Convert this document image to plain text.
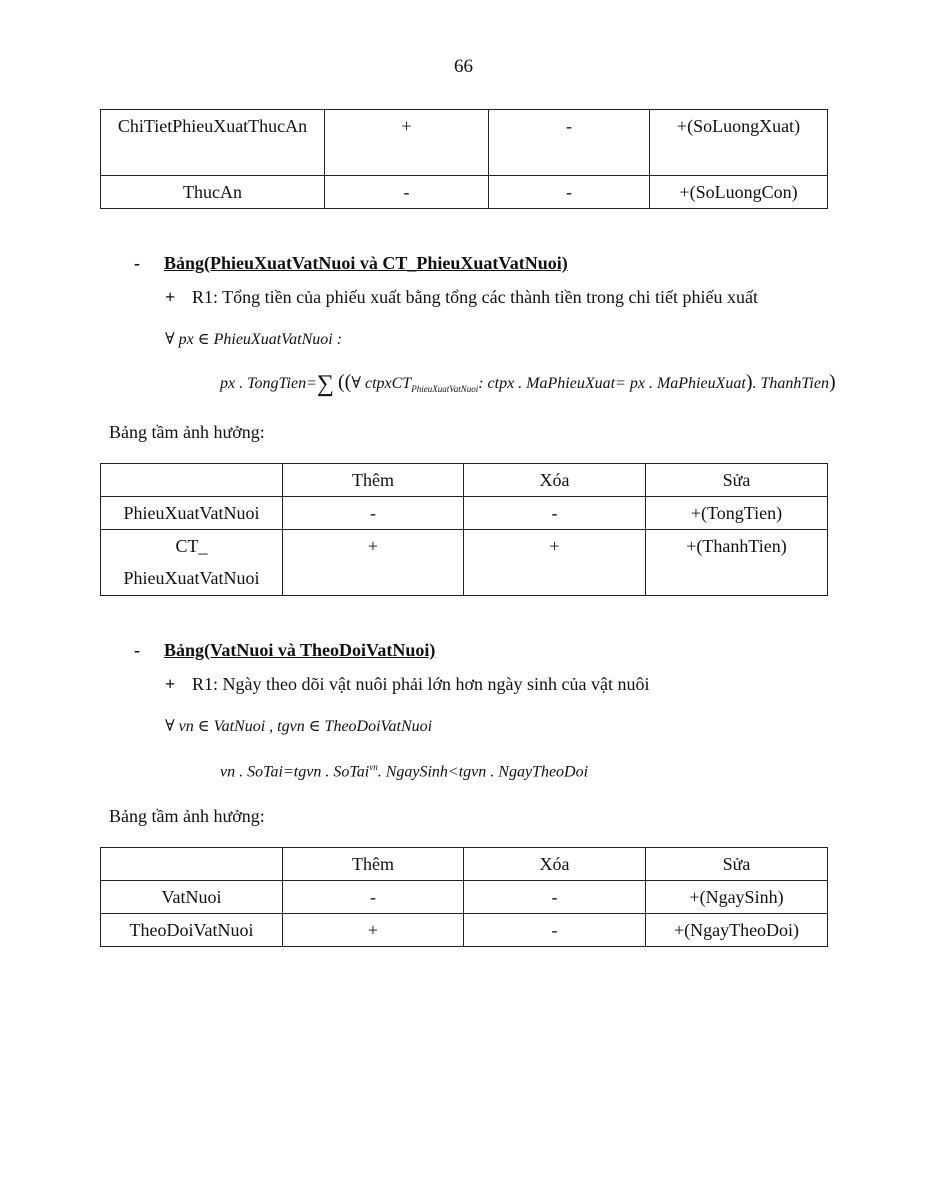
66
ChiTietPhieuXuatThucAn	+	-	+(SoLuongXuat)
ThucAn	-	-	+(SoLuongCon)
- Bảng(PhieuXuatVatNuoi và CT_PhieuXuatVatNuoi)
+ R1: Tổng tiền của phiếu xuất bằng tổng các thành tiền trong chi tiết phiếu xuất
∀ px ∈ PhieuXuatVatNuoi :
px . TongTien=∑ ((∀ ctpxCT$_{PhieuXuatVatNuoi}$: ctpx . MaPhieuXuat= px . MaPhieuXuat). ThanhTien)
Bảng tầm ảnh hưởng:
	Thêm	Xóa	Sửa
PhieuXuatVatNuoi	-	-	+(TongTien)
CT_ PhieuXuatVatNuoi	+	+	+(ThanhTien)
- Bảng(VatNuoi và TheoDoiVatNuoi)
+ R1: Ngày theo dõi vật nuôi phải lớn hơn ngày sinh của vật nuôi
∀ vn ∈ VatNuoi , tgvn ∈ TheoDoiVatNuoi
vn . SoTai=tgvn . SoTai$^{vn}$. NgaySinh<tgvn . NgayTheoDoi
Bảng tầm ảnh hưởng:
	Thêm	Xóa	Sửa
VatNuoi	-	-	+(NgaySinh)
TheoDoiVatNuoi	+	-	+(NgayTheoDoi)
